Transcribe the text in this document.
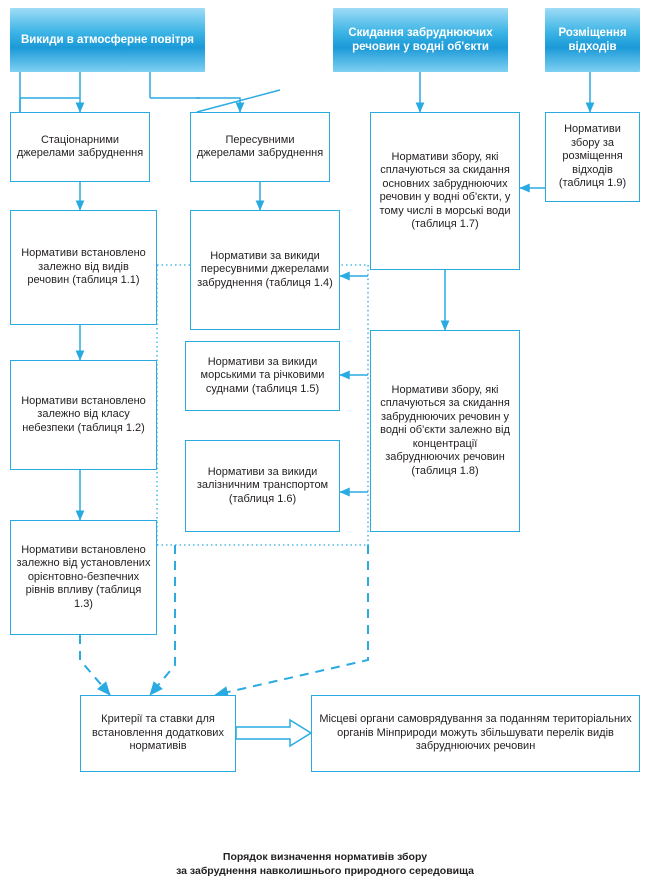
Викиди в атмосферне повітря
Скидання забруднюючих речовин у водні об'єкти
Розміщення відходів
Стаціонарними джерелами забруднення
Пересувними джерелами забруднення	Нормативи збору, які сплачуються за скидання основних забруднюючих речовин у водні об'єкти, у тому числі в морські води (таблиця 1.7)
Нормативи збору за розміщення відходів (таблиця 1.9)
Нормативи встановлено залежно від видів речовин (таблиця 1.1)
Нормативи за викиди пересувними джерелами забруднення (таблиця 1.4)
Нормативи за викиди морськими та річковими суднами (таблиця 1.5)
Нормативи за викиди залізничним транспортом (таблиця 1.6)
Нормативи збору, які сплачуються за скидання забруднюючих речовин у водні об'єкти залежно від концентрації забруднюючих речовин (таблиця 1.8)
Нормативи встановлено залежно від класу небезпеки (таблиця 1.2)
Нормативи встановлено залежно від установлених орієнтовно-безпечних рівнів впливу (таблиця 1.3)
Критерії та ставки для встановлення додаткових нормативів
Місцеві органи самоврядування за поданням територіальних органів Мінприроди можуть збільшувати перелік видів забруднюючих речовин
Порядок визначення нормативів збору
за забруднення навколишнього природного середовища
